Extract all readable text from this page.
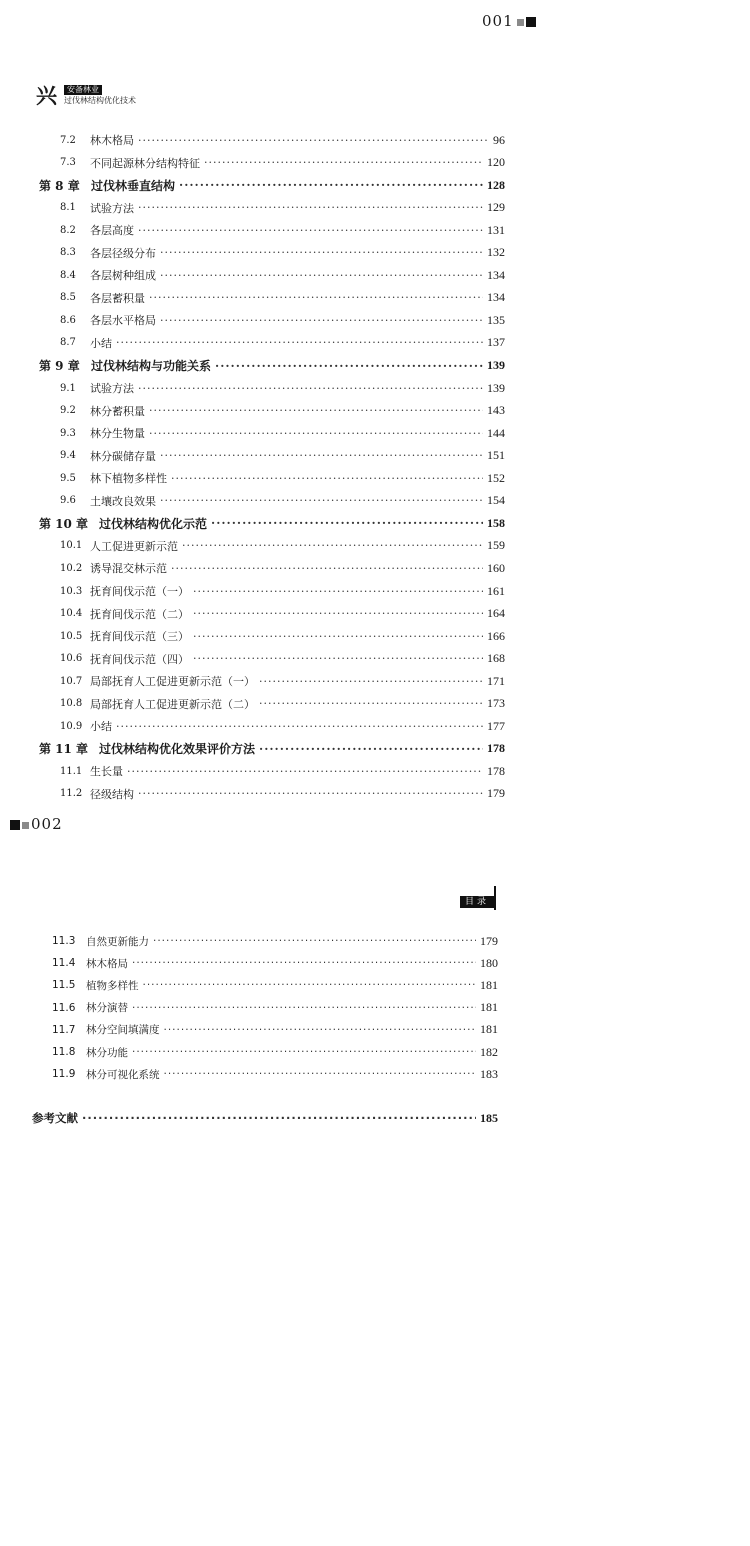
001
兴	安备林业
过伐林结构优化技术
7.2	林木格局 ·····	96
7.3	不同起源林分结构特征 ·····	120
第 8 章 过伐林垂直结构 ·····	128
8.1	试验方法 ·····	129
8.2	各层高度 ·····	131
8.3	各层径级分布 ·····	132
8.4	各层树种组成 ·····	134
8.5	各层蓄积量 ·····	134
8.6	各层水平格局 ·····	135
8.7	小结 ·····	137
第 9 章 过伐林结构与功能关系 ·····	139
9.1	试验方法 ·····	139
9.2	林分蓄积量 ·····	143
9.3	林分生物量 ·····	144
9.4	林分碳储存量 ·····	151
9.5	林下植物多样性 ·····	152
9.6	土壤改良效果 ·····	154
第 10 章 过伐林结构优化示范 ·····	158
10.1 人工促进更新示范 ·····	159
10.2 诱导混交林示范 ·····	160
10.3 抚育间伐示范（一） ·····	161
10.4 抚育间伐示范（二） ·····	164
10.5 抚育间伐示范（三） ·····	166
10.6 抚育间伐示范（四） ·····	168
10.7 局部抚育人工促进更新示范（一） ·····	171
10.8 局部抚育人工促进更新示范（二） ·····	173
10.9 小结 ·····	177
第 11 章 过伐林结构优化效果评价方法 ·····	178
11.1 生长量 ·····	178
11.2 径级结构 ·····	179
002
目录
11.3	自然更新能力 ·····	179
11.4	林木格局 ·····	180
11.5	植物多样性 ·····	181
11.6	林分演替 ·····	181
11.7	林分空间填满度 ·····	181
11.8	林分功能 ·····	182
11.9	林分可视化系统 ·····	183
参考文献 ·····	185
